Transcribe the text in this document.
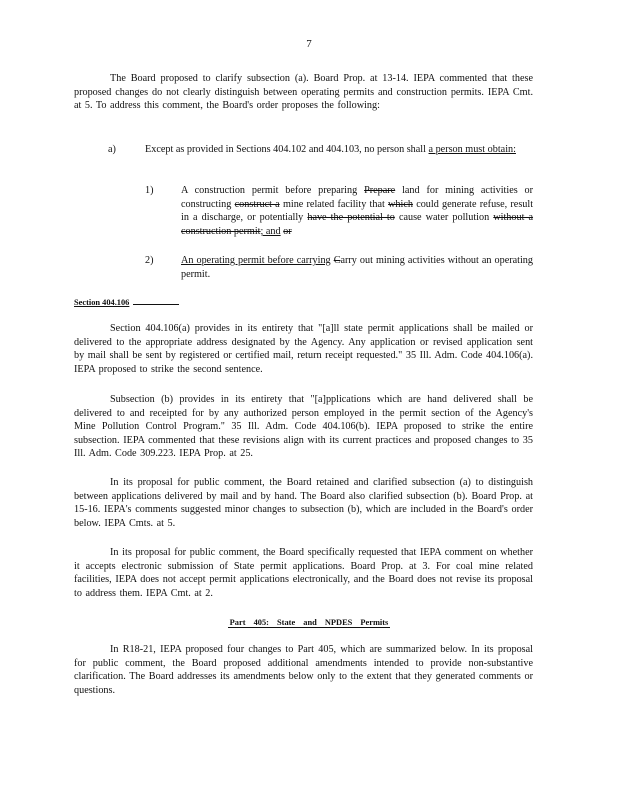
7
The Board proposed to clarify subsection (a). Board Prop. at 13-14. IEPA commented that these proposed changes do not clearly distinguish between operating permits and construction permits. IEPA Cmt. at 5. To address this comment, the Board's order proposes the following:
a)	Except as provided in Sections 404.102 and 404.103, no person shall a person must obtain:
1)	A construction permit before preparing Prepare land for mining activities or constructing construct a mine related facility that which could generate refuse, result in a discharge, or potentially have the potential to cause water pollution without a construction permit; and or
2)	An operating permit before carrying Carry out mining activities without an operating permit.
Section 404.106
Section 404.106(a) provides in its entirety that "[a]ll state permit applications shall be mailed or delivered to the appropriate address designated by the Agency. Any application or revised application sent by mail shall be sent by registered or certified mail, return receipt requested." 35 Ill. Adm. Code 404.106(a). IEPA proposed to strike the second sentence.
Subsection (b) provides in its entirety that "[a]pplications which are hand delivered shall be delivered to and receipted for by any authorized person employed in the permit section of the Agency's Mine Pollution Control Program." 35 Ill. Adm. Code 404.106(b). IEPA proposed to strike the entire subsection. IEPA commented that these revisions align with its current practices and proposed changes to 35 Ill. Adm. Code 309.223. IEPA Prop. at 25.
In its proposal for public comment, the Board retained and clarified subsection (a) to distinguish between applications delivered by mail and by hand. The Board also clarified subsection (b). Board Prop. at 15-16. IEPA's comments suggested minor changes to subsection (b), which are included in the Board's order below. IEPA Cmts. at 5.
In its proposal for public comment, the Board specifically requested that IEPA comment on whether it accepts electronic submission of State permit applications. Board Prop. at 3. For coal mine related facilities, IEPA does not accept permit applications electronically, and the Board does not revise its proposal to address them. IEPA Cmt. at 2.
Part 405: State and NPDES Permits
In R18-21, IEPA proposed four changes to Part 405, which are summarized below. In its proposal for public comment, the Board proposed additional amendments intended to provide non-substantive clarification. The Board addresses its amendments below only to the extent that they generated comments or questions.
